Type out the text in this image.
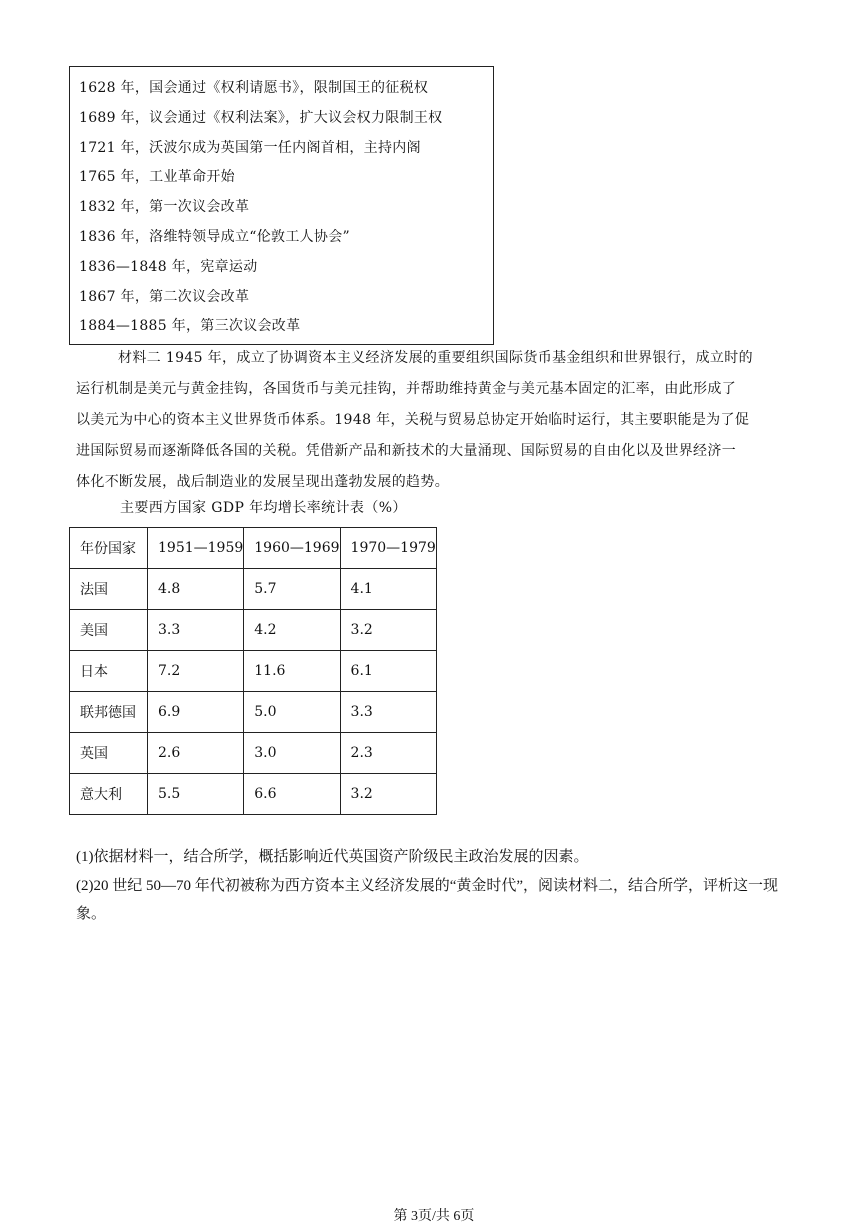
1628 年，国会通过《权利请愿书》，限制国王的征税权
1689 年，议会通过《权利法案》，扩大议会权力限制王权
1721 年，沃波尔成为英国第一任内阁首相，主持内阁
1765 年，工业革命开始
1832 年，第一次议会改革
1836 年，洛维特领导成立“伦敦工人协会”
1836—1848 年，宪章运动
1867 年，第二次议会改革
1884—1885 年，第三次议会改革
材料二 1945 年，成立了协调资本主义经济发展的重要组织国际货币基金组织和世界银行，成立时的
运行机制是美元与黄金挂钩，各国货币与美元挂钩，并帮助维持黄金与美元基本固定的汇率，由此形成了
以美元为中心的资本主义世界货币体系。1948 年，关税与贸易总协定开始临时运行，其主要职能是为了促
进国际贸易而逐渐降低各国的关税。凭借新产品和新技术的大量涌现、国际贸易的自由化以及世界经济一
体化不断发展，战后制造业的发展呈现出蓬勃发展的趋势。
主要西方国家 GDP 年均增长率统计表（%）
年份国家	1951—1959	1960—1969	1970—1979
法国	4.8	5.7	4.1
美国	3.3	4.2	3.2
日本	7.2	11.6	6.1
联邦德国	6.9	5.0	3.3
英国	2.6	3.0	2.3
意大利	5.5	6.6	3.2
(1)依据材料一，结合所学，概括影响近代英国资产阶级民主政治发展的因素。
(2)20 世纪 50—70 年代初被称为西方资本主义经济发展的“黄金时代”，阅读材料二，结合所学，评析这一现
象。
第 3页/共 6页
